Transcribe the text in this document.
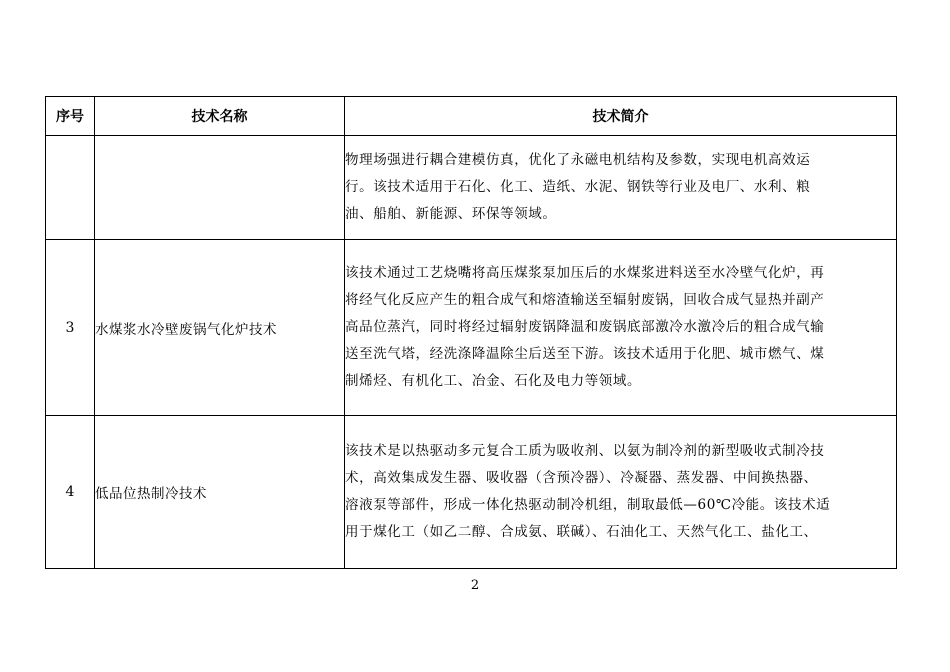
序号	技术名称	技术简介

		物理场强进行耦合建模仿真，优化了永磁电机结构及参数，实现电机高效运
行。该技术适用于石化、化工、造纸、水泥、钢铁等行业及电厂、水利、粮
油、船舶、新能源、环保等领域。

3	水煤浆水冷壁废锅气化炉技术	该技术通过工艺烧嘴将高压煤浆泵加压后的水煤浆进料送至水冷壁气化炉，再
将经气化反应产生的粗合成气和熔渣输送至辐射废锅，回收合成气显热并副产
高品位蒸汽，同时将经过辐射废锅降温和废锅底部激冷水激冷后的粗合成气输
送至洗气塔，经洗涤降温除尘后送至下游。该技术适用于化肥、城市燃气、煤
制烯烃、有机化工、冶金、石化及电力等领域。

4	低品位热制冷技术	该技术是以热驱动多元复合工质为吸收剂、以氨为制冷剂的新型吸收式制冷技
术，高效集成发生器、吸收器（含预冷器）、冷凝器、蒸发器、中间换热器、
溶液泵等部件，形成一体化热驱动制冷机组，制取最低—60℃冷能。该技术适
用于煤化工（如乙二醇、合成氨、联碱）、石油化工、天然气化工、盐化工、
2
